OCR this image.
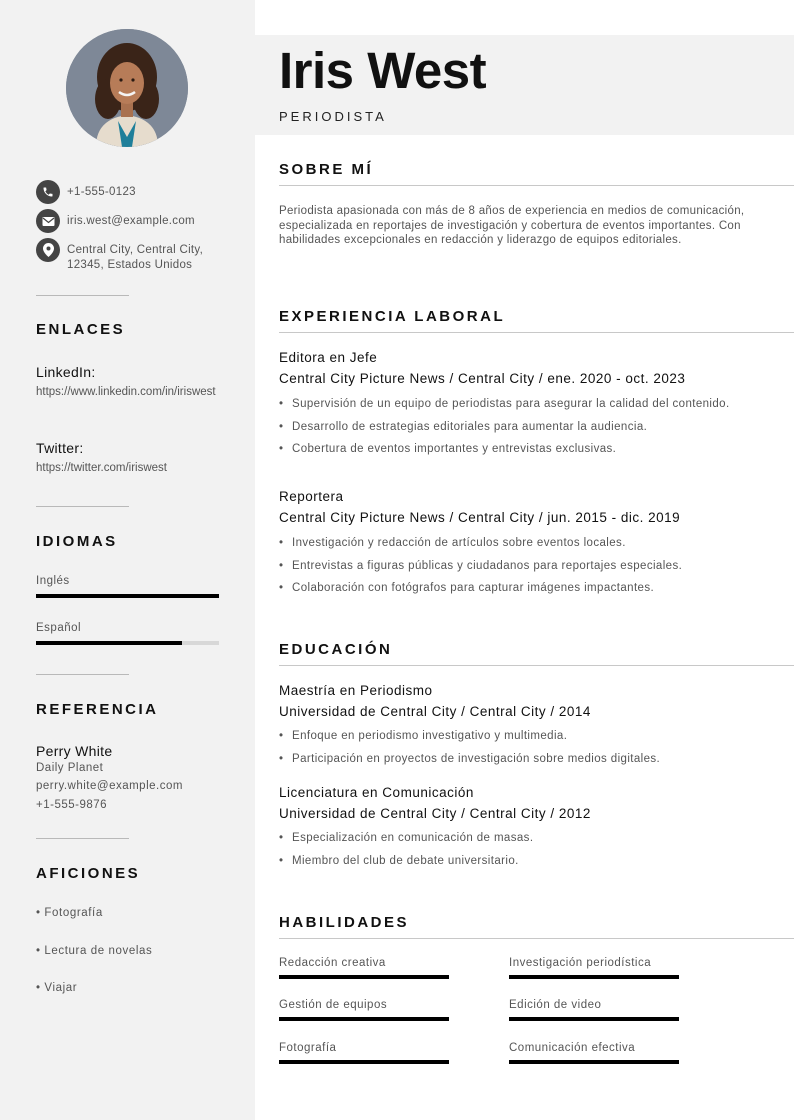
+1-555-0123
iris.west@example.com
Central City, Central City,
12345, Estados Unidos
ENLACES
LinkedIn:
https://www.linkedin.com/in/iriswest
Twitter:
https://twitter.com/iriswest
IDIOMAS
Inglés
Español
REFERENCIA
Perry White
Daily Planet
perry.white@example.com
+1-555-9876
AFICIONES
• Fotografía
• Lectura de novelas
• Viajar
Iris West
PERIODISTA
SOBRE MÍ
Periodista apasionada con más de 8 años de experiencia en medios de comunicación, especializada en reportajes de investigación y cobertura de eventos importantes. Con habilidades excepcionales en redacción y liderazgo de equipos editoriales.
EXPERIENCIA LABORAL
Editora en Jefe
Central City Picture News / Central City / ene. 2020 - oct. 2023
• Supervisión de un equipo de periodistas para asegurar la calidad del contenido.
• Desarrollo de estrategias editoriales para aumentar la audiencia.
• Cobertura de eventos importantes y entrevistas exclusivas.
Reportera
Central City Picture News / Central City / jun. 2015 - dic. 2019
• Investigación y redacción de artículos sobre eventos locales.
• Entrevistas a figuras públicas y ciudadanos para reportajes especiales.
• Colaboración con fotógrafos para capturar imágenes impactantes.
EDUCACIÓN
Maestría en Periodismo
Universidad de Central City / Central City / 2014
• Enfoque en periodismo investigativo y multimedia.
• Participación en proyectos de investigación sobre medios digitales.
Licenciatura en Comunicación
Universidad de Central City / Central City / 2012
• Especialización en comunicación de masas.
• Miembro del club de debate universitario.
HABILIDADES
Redacción creativa	Investigación periodística
Gestión de equipos	Edición de video
Fotografía	Comunicación efectiva
